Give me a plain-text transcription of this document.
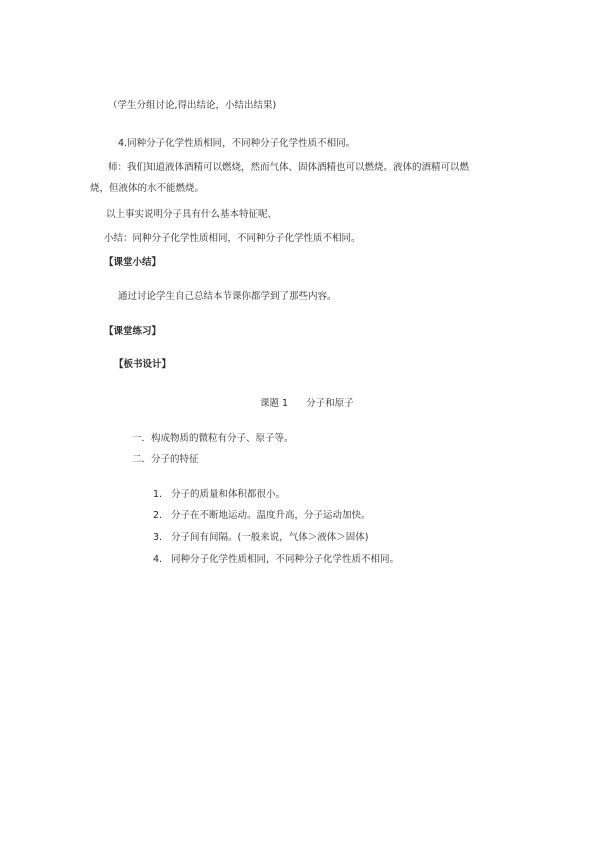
（学生分组讨论,得出结论，小结出结果)
4.同种分子化学性质相同，不同种分子化学性质不相同。
师：我们知道液体酒精可以燃烧，然而气体、固体酒精也可以燃烧。液体的酒精可以燃
烧，但液体的水不能燃烧。
以上事实说明分子具有什么基本特征呢、
小结：同种分子化学性质相同，不同种分子化学性质不相同。
【课堂小结】
通过讨论学生自己总结本节课你都学到了那些内容。
【课堂练习】
【板书设计】
课题 1      分子和原子
一．构成物质的微粒有分子、原子等。
二．分子的特征
1. 分子的质量和体积都很小。
2. 分子在不断地运动。温度升高，分子运动加快。
3. 分子间有间隔。(一般来说，气体＞液体＞固体)
4. 同种分子化学性质相同，不同种分子化学性质不相同。
